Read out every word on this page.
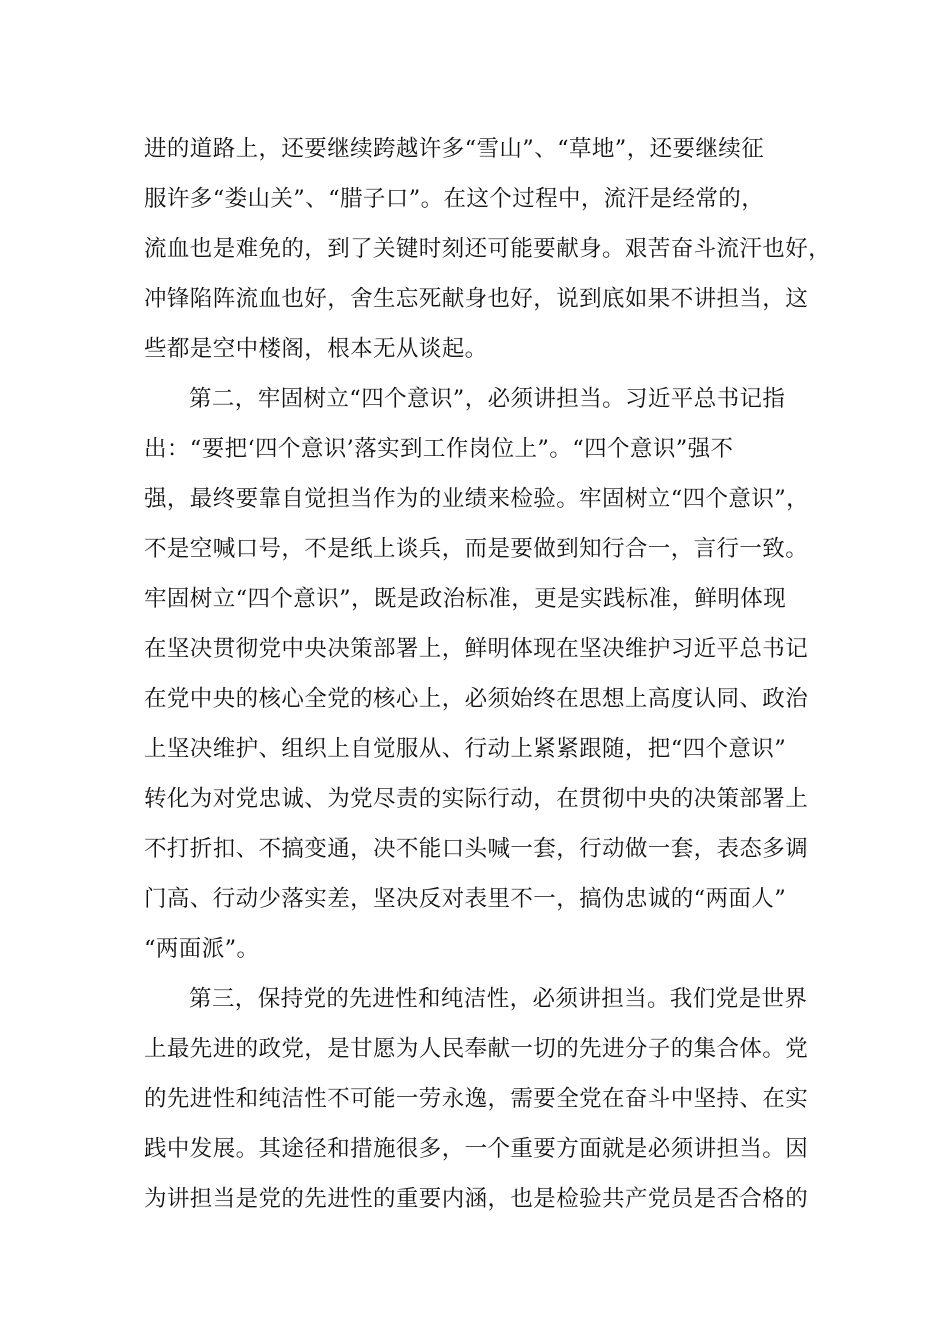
进的道路上，还要继续跨越许多“雪山”、“草地”，还要继续征

服许多“娄山关”、“腊子口”。在这个过程中，流汗是经常的，

流血也是难免的，到了关键时刻还可能要献身。艰苦奋斗流汗也好，

冲锋陷阵流血也好，舍生忘死献身也好，说到底如果不讲担当，这

些都是空中楼阁，根本无从谈起。

第二，牢固树立“四个意识”，必须讲担当。习近平总书记指

出：“要把‘四个意识’落实到工作岗位上”。“四个意识”强不

强，最终要靠自觉担当作为的业绩来检验。牢固树立“四个意识”，

不是空喊口号，不是纸上谈兵，而是要做到知行合一，言行一致。

牢固树立“四个意识”，既是政治标准，更是实践标准，鲜明体现

在坚决贯彻党中央决策部署上，鲜明体现在坚决维护习近平总书记

在党中央的核心全党的核心上，必须始终在思想上高度认同、政治

上坚决维护、组织上自觉服从、行动上紧紧跟随，把“四个意识”

转化为对党忠诚、为党尽责的实际行动，在贯彻中央的决策部署上

不打折扣、不搞变通，决不能口头喊一套，行动做一套，表态多调

门高、行动少落实差，坚决反对表里不一，搞伪忠诚的“两面人”

“两面派”。

第三，保持党的先进性和纯洁性，必须讲担当。我们党是世界

上最先进的政党，是甘愿为人民奉献一切的先进分子的集合体。党

的先进性和纯洁性不可能一劳永逸，需要全党在奋斗中坚持、在实

践中发展。其途径和措施很多，一个重要方面就是必须讲担当。因

为讲担当是党的先进性的重要内涵，也是检验共产党员是否合格的
